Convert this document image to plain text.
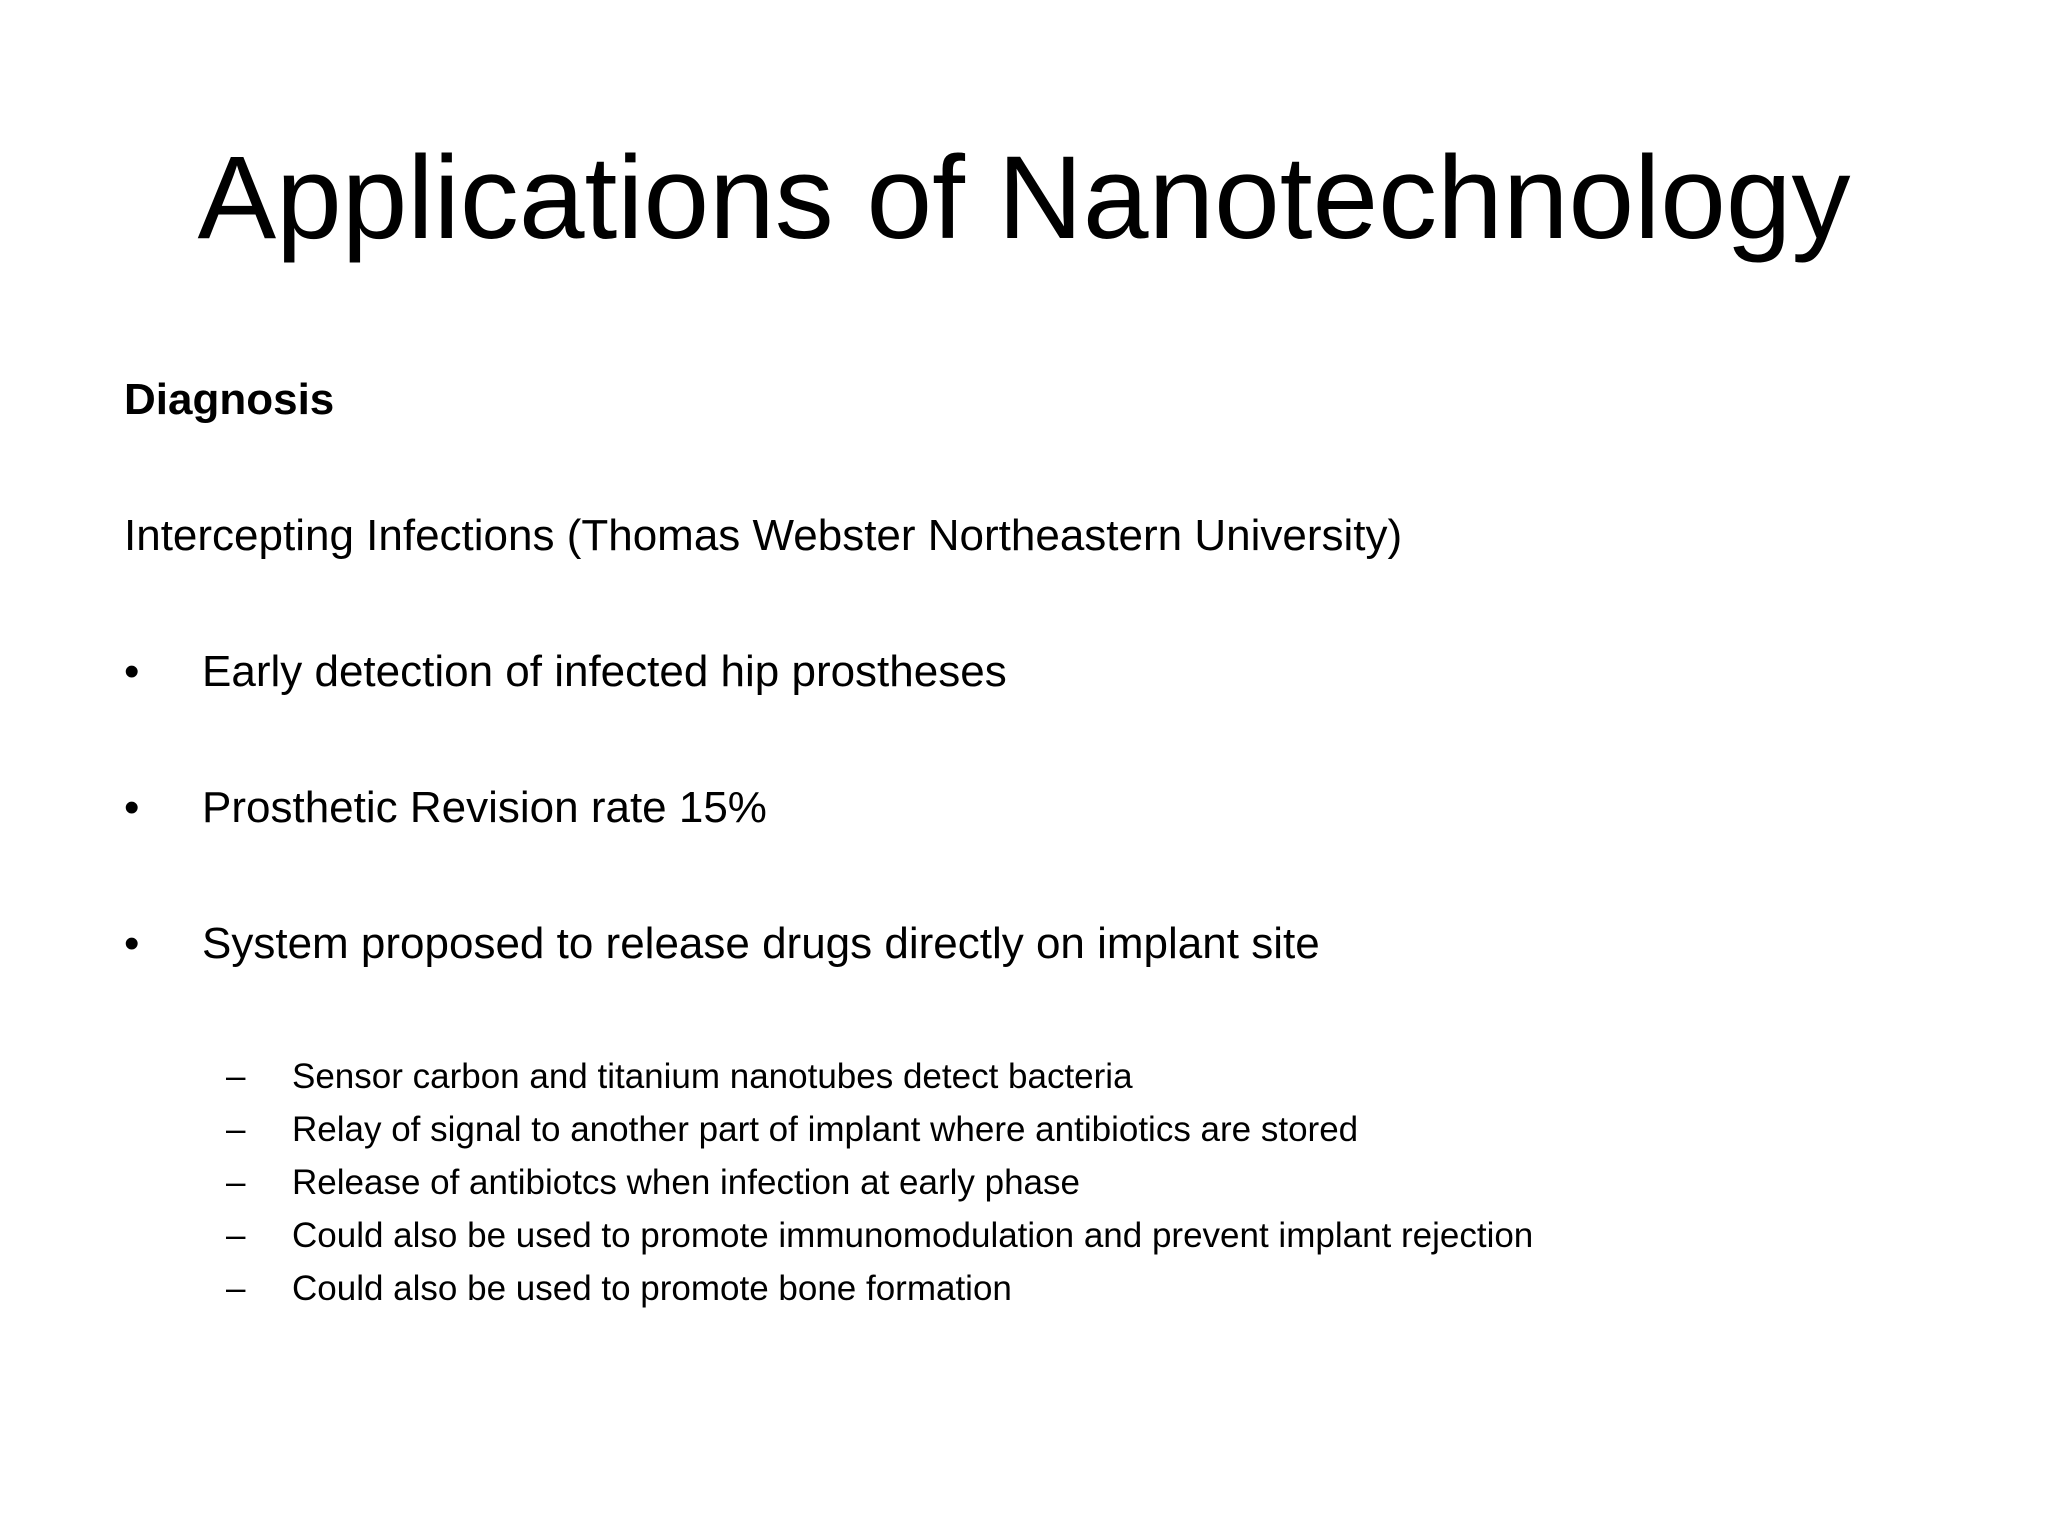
Applications of Nanotechnology

Diagnosis

Intercepting Infections (Thomas Webster Northeastern University)

•	Early detection of infected hip prostheses
•	Prosthetic Revision rate 15%
•	System proposed to release drugs directly on implant site
– Sensor carbon and titanium nanotubes detect bacteria
– Relay of signal to another part of implant where antibiotics are stored
– Release of antibiotcs when infection at early phase
– Could also be used to promote immunomodulation and prevent implant rejection
– Could also be used to promote bone formation
